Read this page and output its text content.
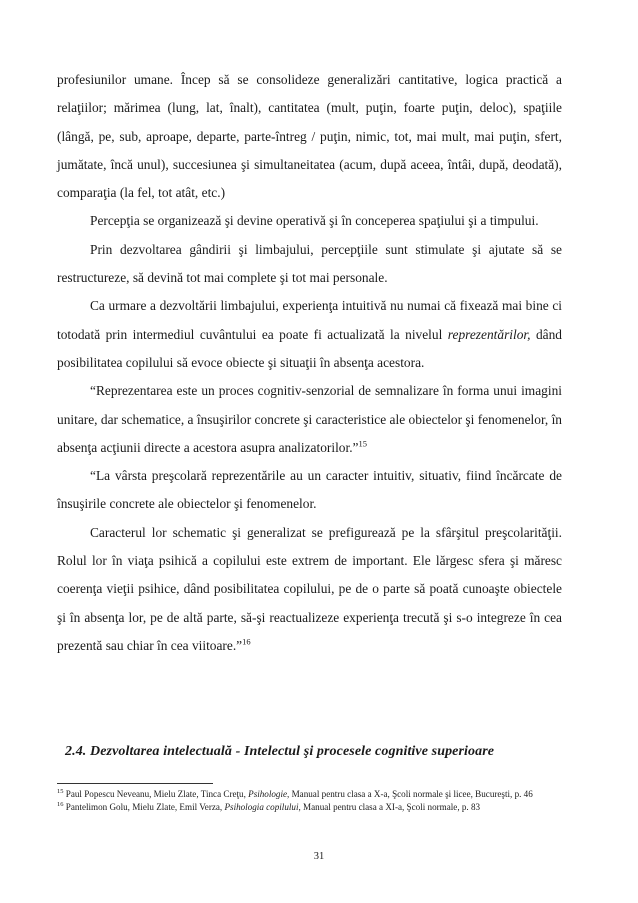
profesiunilor umane. Încep să se consolideze generalizări cantitative, logica practică a relaţiilor; mărimea (lung, lat, înalt), cantitatea (mult, puţin, foarte puţin, deloc), spaţiile (lângă, pe, sub, aproape, departe, parte-întreg / puţin, nimic, tot, mai mult, mai puţin, sfert, jumătate, încă unul), succesiunea şi simultaneitatea (acum, după aceea, întâi, după, deodată), comparaţia (la fel, tot atât, etc.)

Percepţia se organizează şi devine operativă şi în conceperea spaţiului şi a timpului.

Prin dezvoltarea gândirii şi limbajului, percepţiile sunt stimulate şi ajutate să se restructureze, să devină tot mai complete şi tot mai personale.

Ca urmare a dezvoltării limbajului, experienţa intuitivă nu numai că fixează mai bine ci totodată prin intermediul cuvântului ea poate fi actualizată la nivelul reprezentărilor, dând posibilitatea copilului să evoce obiecte şi situaţii în absenţa acestora.

“Reprezentarea este un proces cognitiv-senzorial de semnalizare în forma unui imagini unitare, dar schematice, a însuşirilor concrete şi caracteristice ale obiectelor şi fenomenelor, în absenţa acţiunii directe a acestora asupra analizatorilor.”$^{15}$

“La vârsta preşcolară reprezentările au un caracter intuitiv, situativ, fiind încărcate de însuşirile concrete ale obiectelor şi fenomenelor.

Caracterul lor schematic şi generalizat se prefigurează pe la sfârşitul preşcolarităţii. Rolul lor în viaţa psihică a copilului este extrem de important. Ele lărgesc sfera şi măresc coerenţa vieţii psihice, dând posibilitatea copilului, pe de o parte să poată cunoaşte obiectele şi în absenţa lor, pe de altă parte, să-şi reactualizeze experienţa trecută şi s-o integreze în cea prezentă sau chiar în cea viitoare.”$^{16}$

2.4. Dezvoltarea intelectuală - Intelectul şi procesele cognitive superioare

$^{15}$ Paul Popescu Neveanu, Mielu Zlate, Tinca Creţu, Psihologie, Manual pentru clasa a X-a, Şcoli normale şi licee, Bucureşti, p. 46

$^{16}$ Pantelimon Golu, Mielu Zlate, Emil Verza, Psihologia copilului, Manual pentru clasa a XI-a, Şcoli normale, p. 83

31
